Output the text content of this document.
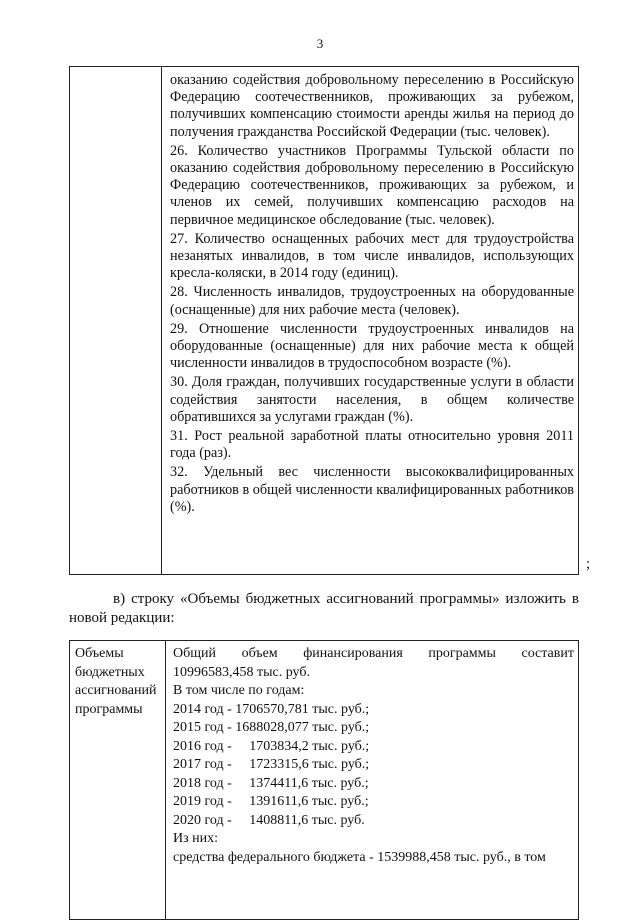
3

оказанию содействия добровольному переселению в Российскую Федерацию соотечественников, проживающих за рубежом, получивших компенсацию стоимости аренды жилья на период до получения гражданства Российской Федерации (тыс. человек).

26. Количество участников Программы Тульской области по оказанию содействия добровольному переселению в Российскую Федерацию соотечественников, проживающих за рубежом, и членов их семей, получивших компенсацию расходов на первичное медицинское обследование (тыс. человек).

27. Количество оснащенных рабочих мест для трудоустройства незанятых инвалидов, в том числе инвалидов, использующих кресла-коляски, в 2014 году (единиц).

28. Численность инвалидов, трудоустроенных на оборудованные (оснащенные) для них рабочие места (человек).

29. Отношение численности трудоустроенных инвалидов на оборудованные (оснащенные) для них рабочие места к общей численности инвалидов в трудоспособном возрасте (%).

30. Доля граждан, получивших государственные услуги в области содействия занятости населения, в общем количестве обратившихся за услугами граждан (%).

31. Рост реальной заработной платы относительно уровня 2011 года (раз).

32. Удельный вес численности высококвалифицированных работников в общей численности квалифицированных работников (%).

;

в) строку «Объемы бюджетных ассигнований программы» изложить в новой редакции:

Объемы
бюджетных
ассигнований
программы
Общий объем финансирования программы составит
10996583,458 тыс. руб.
В том числе по годам:
2014 год - 1706570,781 тыс. руб.;
2015 год - 1688028,077 тыс. руб.;
2016 год -     1703834,2 тыс. руб.;
2017 год -     1723315,6 тыс. руб.;
2018 год -     1374411,6 тыс. руб.;
2019 год -     1391611,6 тыс. руб.;
2020 год -     1408811,6 тыс. руб.
Из них:
средства федерального бюджета - 1539988,458 тыс. руб., в том
